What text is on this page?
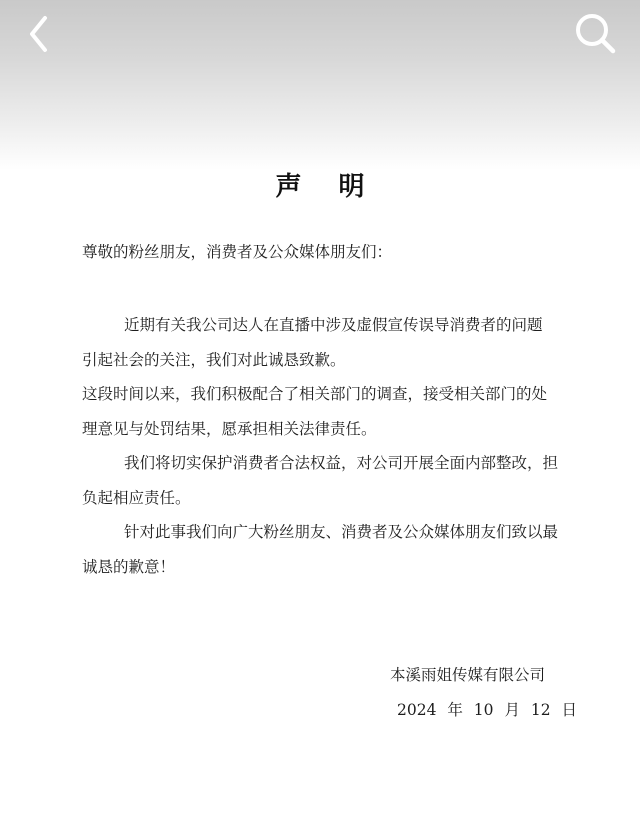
声 明
尊敬的粉丝朋友，消费者及公众媒体朋友们：
近期有关我公司达人在直播中涉及虚假宣传误导消费者的问题
引起社会的关注，我们对此诚恳致歉。
这段时间以来，我们积极配合了相关部门的调查，接受相关部门的处
理意见与处罚结果，愿承担相关法律责任。
我们将切实保护消费者合法权益，对公司开展全面内部整改，担
负起相应责任。
针对此事我们向广大粉丝朋友、消费者及公众媒体朋友们致以最
诚恳的歉意！
本溪雨姐传媒有限公司
2024 年 10 月 12 日
